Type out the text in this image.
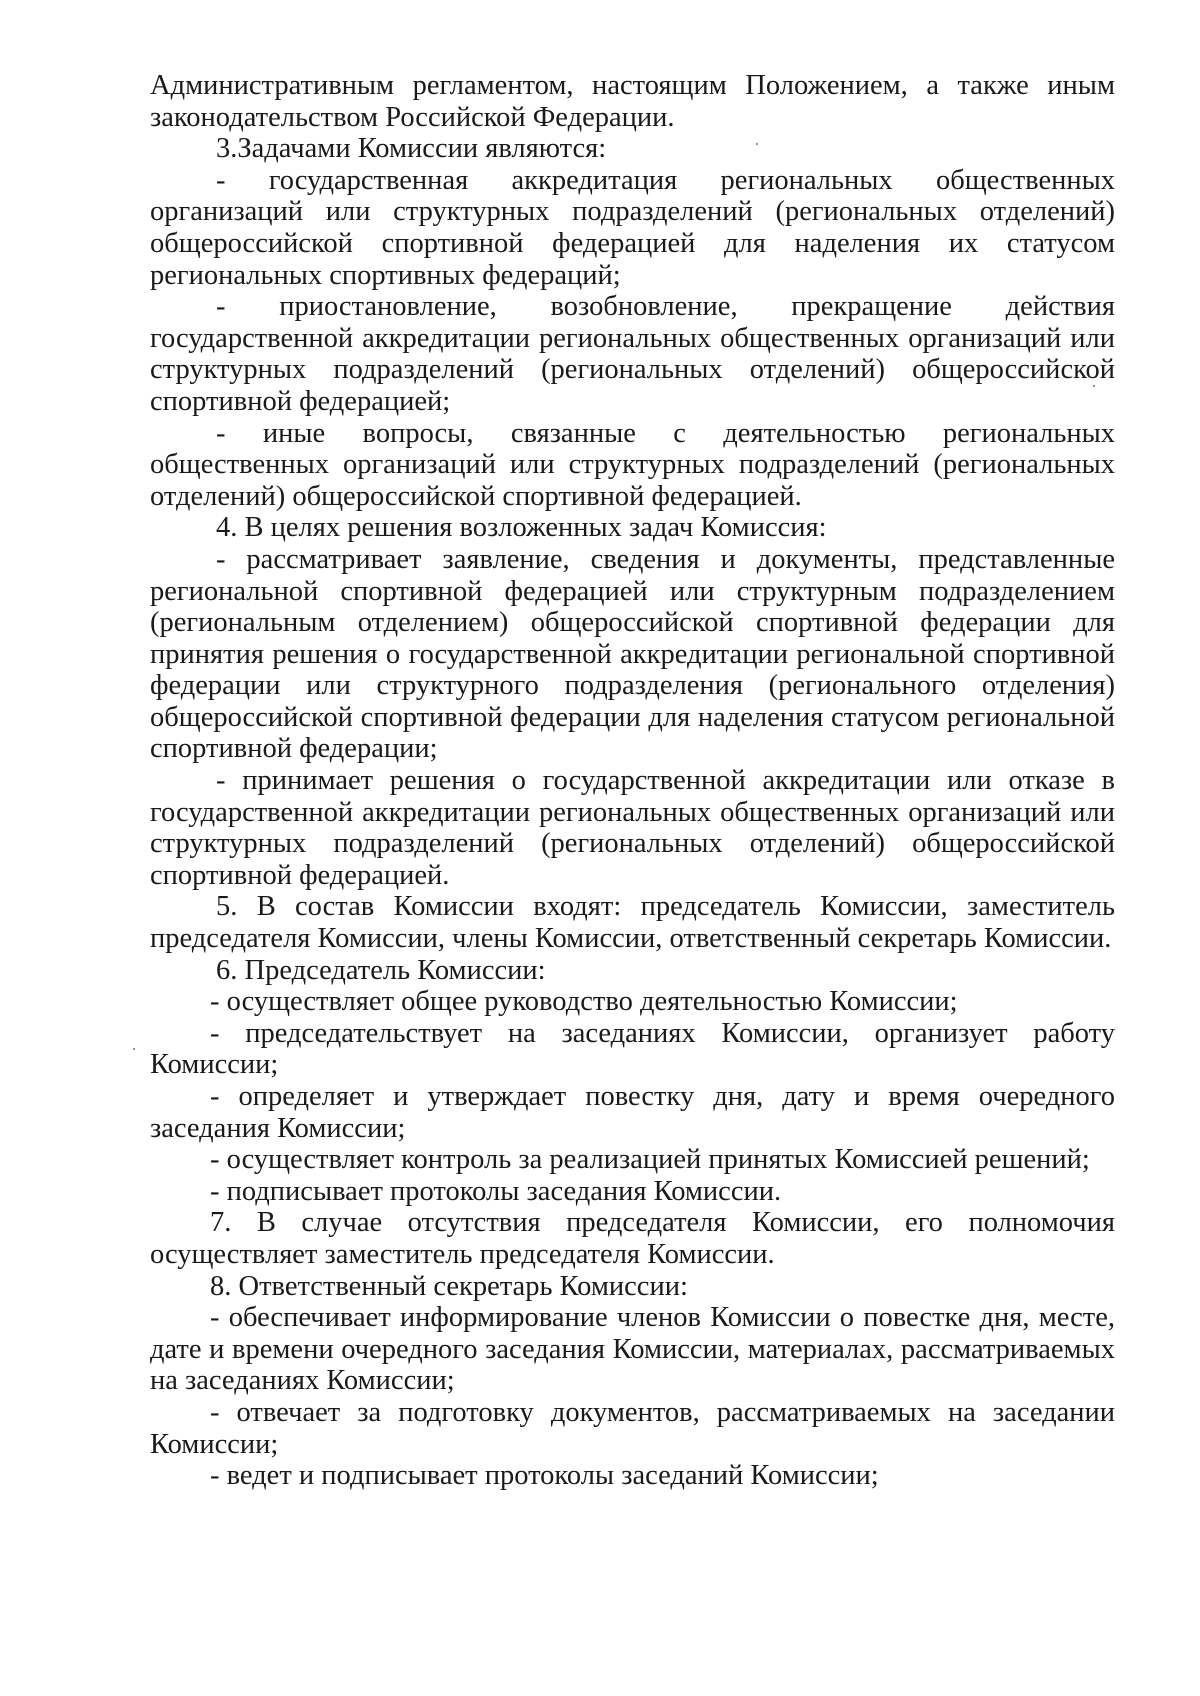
Административным регламентом, настоящим Положением, а также иным законодательством Российской Федерации.

3.Задачами Комиссии являются:

- государственная аккредитация региональных общественных организаций или структурных подразделений (региональных отделений) общероссийской спортивной федерацией для наделения их статусом региональных спортивных федераций;

- приостановление, возобновление, прекращение действия государственной аккредитации региональных общественных организаций или структурных подразделений (региональных отделений) общероссийской спортивной федерацией;

- иные вопросы, связанные с деятельностью региональных общественных организаций или структурных подразделений (региональных отделений) общероссийской спортивной федерацией.

4. В целях решения возложенных задач Комиссия:

- рассматривает заявление, сведения и документы, представленные региональной спортивной федерацией или структурным подразделением (региональным отделением) общероссийской спортивной федерации для принятия решения о государственной аккредитации региональной спортивной федерации или структурного подразделения (регионального отделения) общероссийской спортивной федерации для наделения статусом региональной спортивной федерации;

- принимает решения о государственной аккредитации или отказе в государственной аккредитации региональных общественных организаций или структурных подразделений (региональных отделений) общероссийской спортивной федерацией.

5. В состав Комиссии входят: председатель Комиссии, заместитель председателя Комиссии, члены Комиссии, ответственный секретарь Комиссии.

6. Председатель Комиссии:

- осуществляет общее руководство деятельностью Комиссии;

- председательствует на заседаниях Комиссии, организует работу Комиссии;

- определяет и утверждает повестку дня, дату и время очередного заседания Комиссии;

- осуществляет контроль за реализацией принятых Комиссией решений;

- подписывает протоколы заседания Комиссии.

7. В случае отсутствия председателя Комиссии, его полномочия осуществляет заместитель председателя Комиссии.

8. Ответственный секретарь Комиссии:

- обеспечивает информирование членов Комиссии о повестке дня, месте, дате и времени очередного заседания Комиссии, материалах, рассматриваемых на заседаниях Комиссии;

- отвечает за подготовку документов, рассматриваемых на заседании Комиссии;

- ведет и подписывает протоколы заседаний Комиссии;
